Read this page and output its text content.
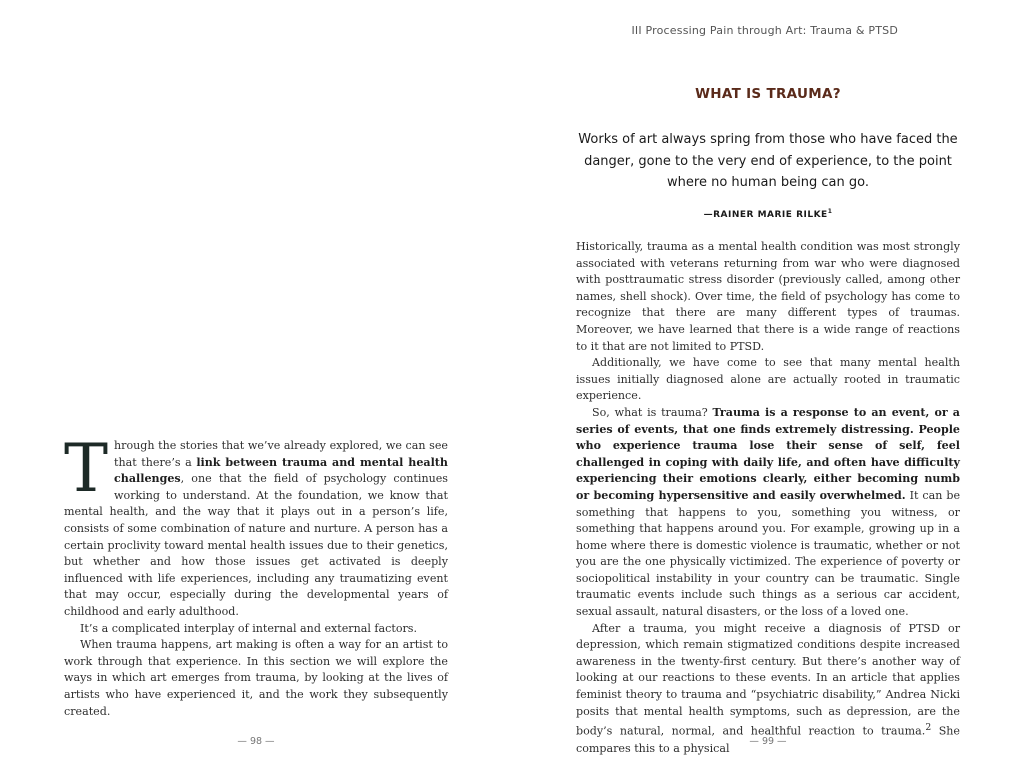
Through the stories that we’ve already explored, we can see that there’s a link between trauma and mental health challenges, one that the field of psychology continues working to understand. At the foundation, we know that mental health, and the way that it plays out in a person’s life, consists of some combination of nature and nurture. A person has a certain proclivity toward mental health issues due to their genetics, but whether and how those issues get activated is deeply influenced with life experiences, including any traumatizing event that may occur, especially during the developmental years of childhood and early adulthood.

It’s a complicated interplay of internal and external factors.

When trauma happens, art making is often a way for an artist to work through that experience. In this section we will explore the ways in which art emerges from trauma, by looking at the lives of artists who have experienced it, and the work they subsequently created.

— 98 —
III Processing Pain through Art: Trauma & PTSD
WHAT IS TRAUMA?

Works of art always spring from those who have faced the danger, gone to the very end of experience, to the point where no human being can go.

—RAINER MARIE RILKE$^1$

Historically, trauma as a mental health condition was most strongly associated with veterans returning from war who were diagnosed with posttraumatic stress disorder (previously called, among other names, shell shock). Over time, the field of psychology has come to recognize that there are many different types of traumas. Moreover, we have learned that there is a wide range of reactions to it that are not limited to PTSD.

Additionally, we have come to see that many mental health issues initially diagnosed alone are actually rooted in traumatic experience.

So, what is trauma? Trauma is a response to an event, or a series of events, that one finds extremely distressing. People who experience trauma lose their sense of self, feel challenged in coping with daily life, and often have difficulty experiencing their emotions clearly, either becoming numb or becoming hypersensitive and easily overwhelmed. It can be something that happens to you, something you witness, or something that happens around you. For example, growing up in a home where there is domestic violence is traumatic, whether or not you are the one physically victimized. The experience of poverty or sociopolitical instability in your country can be traumatic. Single traumatic events include such things as a serious car accident, sexual assault, natural disasters, or the loss of a loved one.

After a trauma, you might receive a diagnosis of PTSD or depression, which remain stigmatized conditions despite increased awareness in the twenty-first century. But there’s another way of looking at our reactions to these events. In an article that applies feminist theory to trauma and “psychiatric disability,” Andrea Nicki posits that mental health symptoms, such as depression, are the body’s natural, normal, and healthful reaction to trauma.$^2$ She compares this to a physical	— 99 —
